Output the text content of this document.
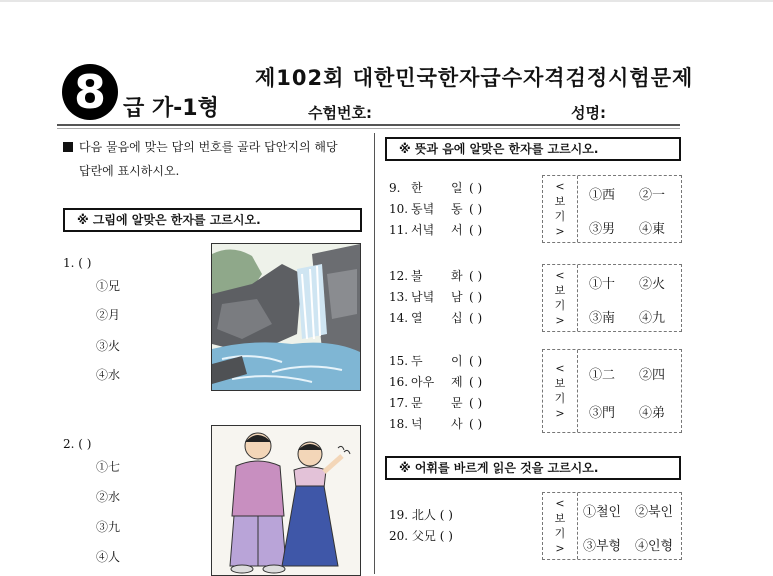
제102회 대한민국한자급수자격검정시험문제
8 급 가-1형	수험번호:	성명:
다음 물음에 맞는 답의 번호를 골라 답안지의 해당
답란에 표시하시오.
※ 그림에 알맞은 한자를 고르시오.
1. ( )
①兄
②月
③火
④水
2. ( )
①七
②水
③九
④人
※ 뜻과 음에 알맞은 한자를 고르시오.
9. 한 일 ( )
10. 동녘 동 ( )
11. 서녘 서 ( )
<
보
기
>
①西 ②一
③男 ④東
12. 불 화 ( )
13. 남녘 남 ( )
14. 열 십 ( )
<
보
기
>
①十 ②火
③南 ④九
15. 두 이 ( )
16. 아우 제 ( )
17. 문 문 ( )
18. 넉 사 ( )
<
보
기
>
①二 ②四
③門 ④弟
※ 어휘를 바르게 읽은 것을 고르시오.
19. 北人 ( )
20. 父兄 ( )
<
보
기
>
①철인 ②북인
③부형 ④인형
